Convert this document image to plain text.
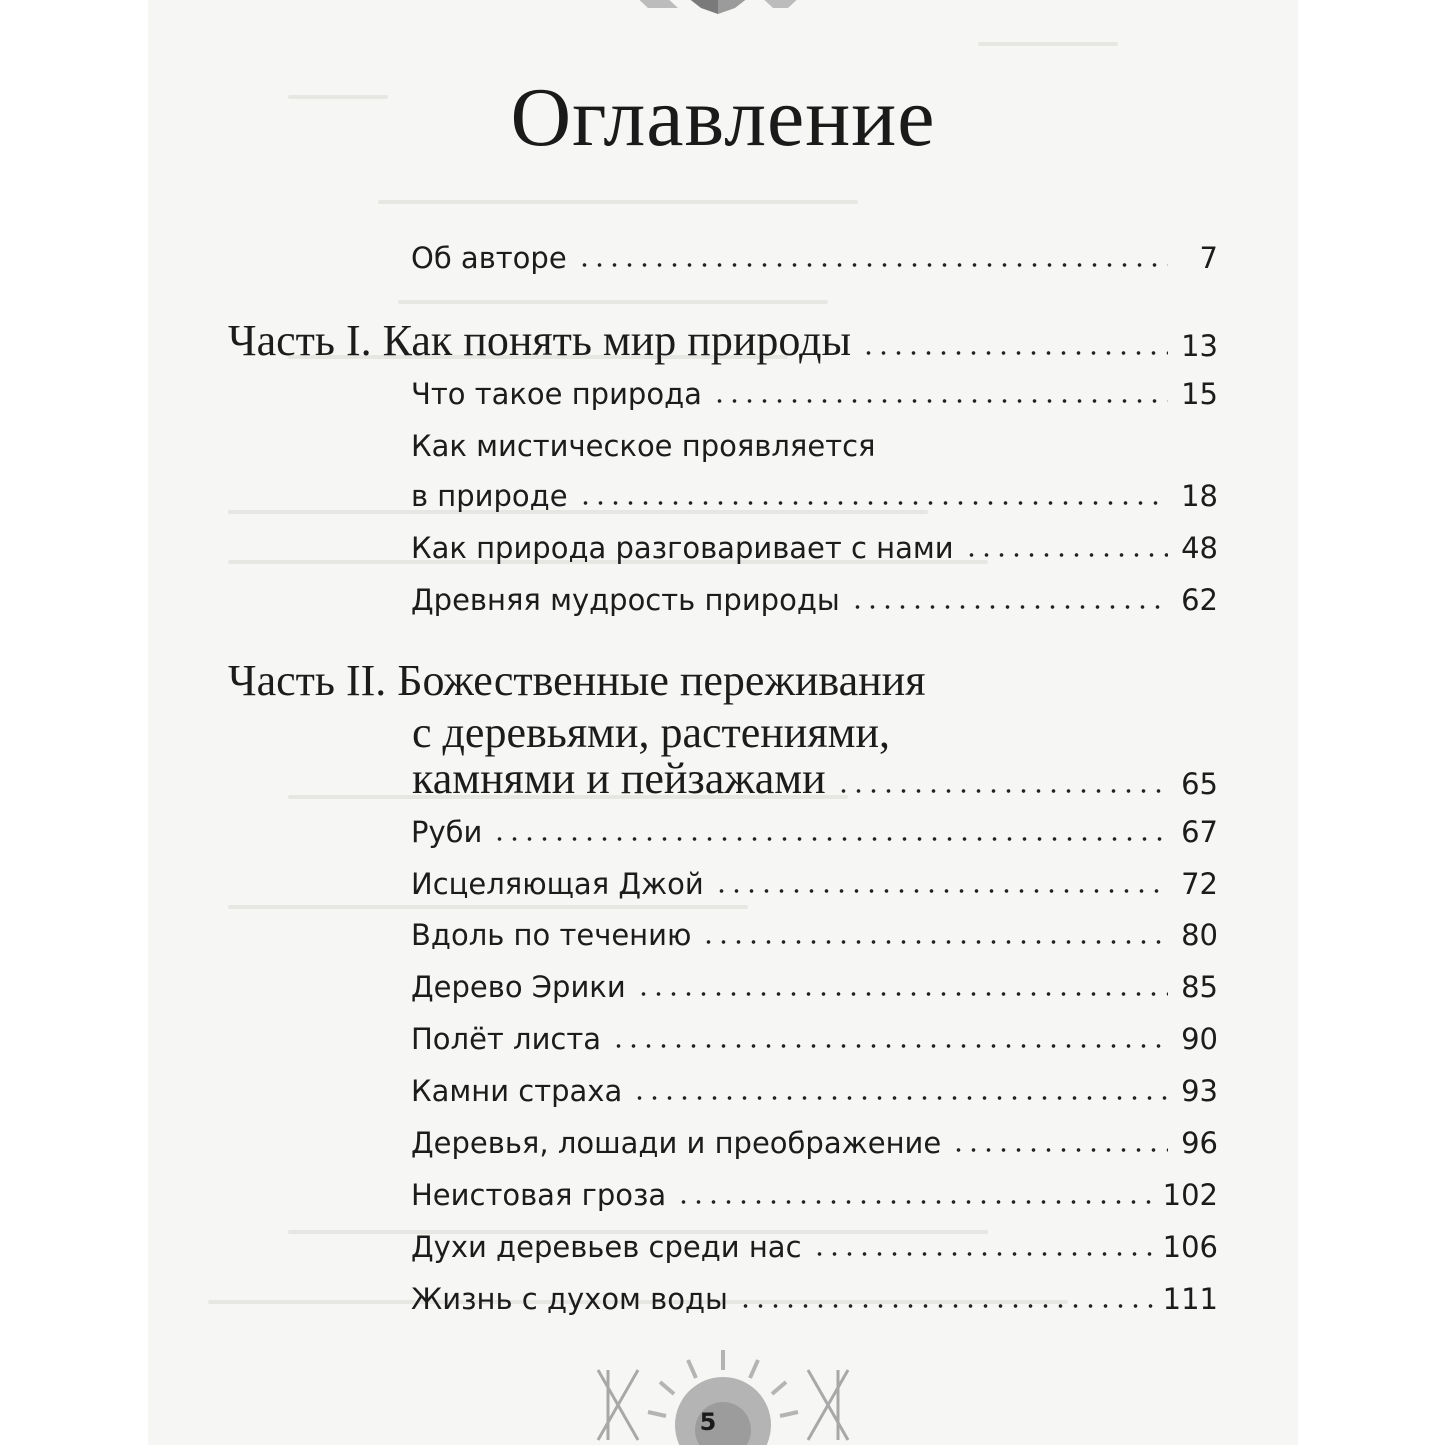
Оглавление
Об авторе	7
Часть I. Как понять мир природы	13
Что такое природа	15
Как мистическое проявляется
в природе	18
Как природа разговаривает с нами	48
Древняя мудрость природы	62
Часть II. Божественные переживания
с деревьями, растениями,
камнями и пейзажами	65
Руби	67
Исцеляющая Джой	72
Вдоль по течению	80
Дерево Эрики	85
Полёт листа	90
Камни страха	93
Деревья, лошади и преображение	96
Неистовая гроза	102
Духи деревьев среди нас	106
Жизнь с духом воды	111
5
